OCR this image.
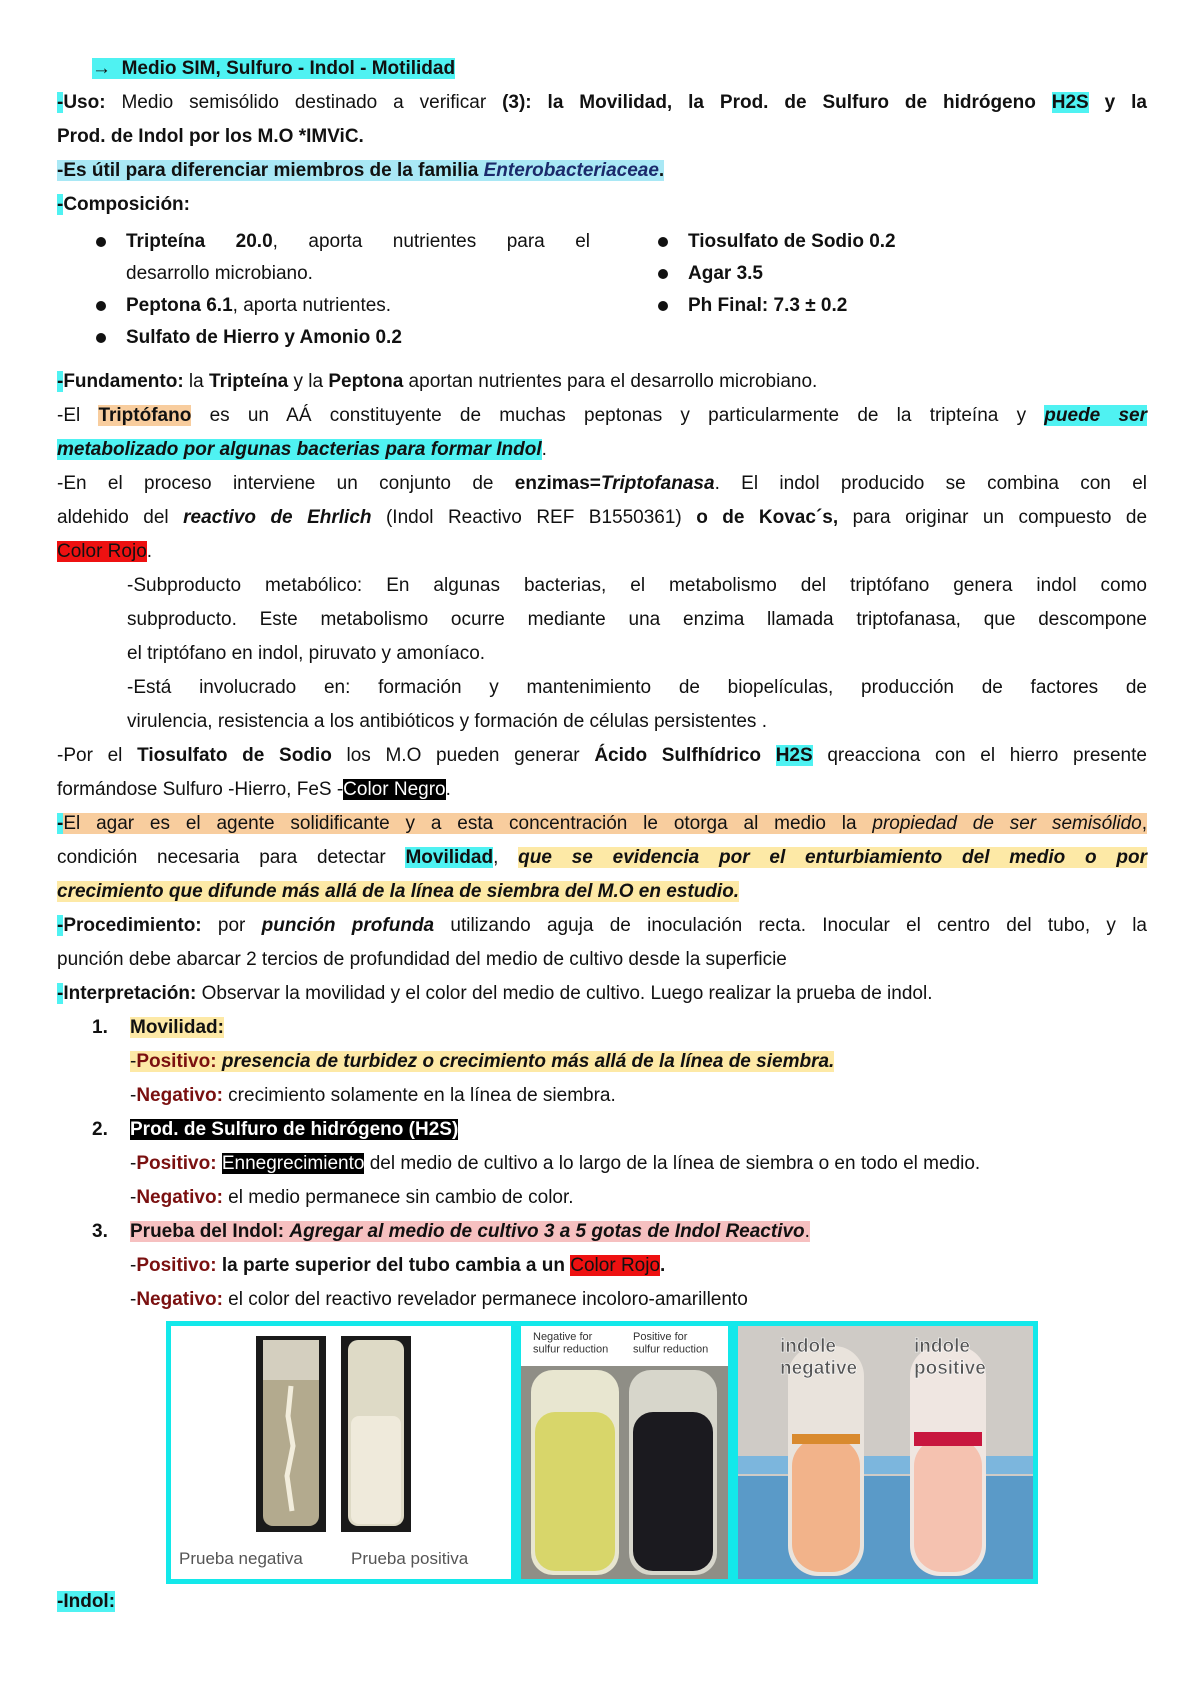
→ Medio SIM, Sulfuro - Indol - Motilidad
-Uso: Medio semisólido destinado a verificar (3): la Movilidad, la Prod. de Sulfuro de hidrógeno H2S y la
Prod. de Indol por los M.O *IMViC.
-Es útil para diferenciar miembros de la familia Enterobacteriaceae.
-Composición:
Tripteína 20.0, aporta nutrientes para el
desarrollo microbiano.
Peptona 6.1, aporta nutrientes.
Sulfato de Hierro y Amonio 0.2
Tiosulfato de Sodio 0.2
Agar 3.5
Ph Final: 7.3 ± 0.2
-Fundamento: la Tripteína y la Peptona aportan nutrientes para el desarrollo microbiano.
-El Triptófano es un AÁ constituyente de muchas peptonas y particularmente de la tripteína y puede ser
metabolizado por algunas bacterias para formar Indol.
-En el proceso interviene un conjunto de enzimas=Triptofanasa. El indol producido se combina con el
aldehido del reactivo de Ehrlich (Indol Reactivo REF B1550361) o de Kovac´s, para originar un compuesto de
Color Rojo.
-Subproducto metabólico: En algunas bacterias, el metabolismo del triptófano genera indol como
subproducto. Este metabolismo ocurre mediante una enzima llamada triptofanasa, que descompone
el triptófano en indol, piruvato y amoníaco.
-Está involucrado en: formación y mantenimiento de biopelículas, producción de factores de
virulencia, resistencia a los antibióticos y formación de células persistentes .
-Por el Tiosulfato de Sodio los M.O pueden generar Ácido Sulfhídrico H2S qreacciona con el hierro presente
formándose Sulfuro -Hierro, FeS -Color Negro.
-El agar es el agente solidificante y a esta concentración le otorga al medio la propiedad de ser semisólido,
condición necesaria para detectar Movilidad, que se evidencia por el enturbiamiento del medio o por
crecimiento que difunde más allá de la línea de siembra del M.O en estudio.
-Procedimiento: por punción profunda utilizando aguja de inoculación recta. Inocular el centro del tubo, y la
punción debe abarcar 2 tercios de profundidad del medio de cultivo desde la superficie
-Interpretación: Observar la movilidad y el color del medio de cultivo. Luego realizar la prueba de indol.
1. Movilidad:
-Positivo: presencia de turbidez o crecimiento más allá de la línea de siembra.
-Negativo: crecimiento solamente en la línea de siembra.
2. Prod. de Sulfuro de hidrógeno (H2S)
-Positivo: Ennegrecimiento del medio de cultivo a lo largo de la línea de siembra o en todo el medio.
-Negativo: el medio permanece sin cambio de color.
3. Prueba del Indol: Agregar al medio de cultivo 3 a 5 gotas de Indol Reactivo.
-Positivo: la parte superior del tubo cambia a un Color Rojo.
-Negativo: el color del reactivo revelador permanece incoloro-amarillento
Prueba negativa	Prueba positiva
Negative for sulfur reduction
Positive for sulfur reduction	indole negative
indole positive
-Indol:
